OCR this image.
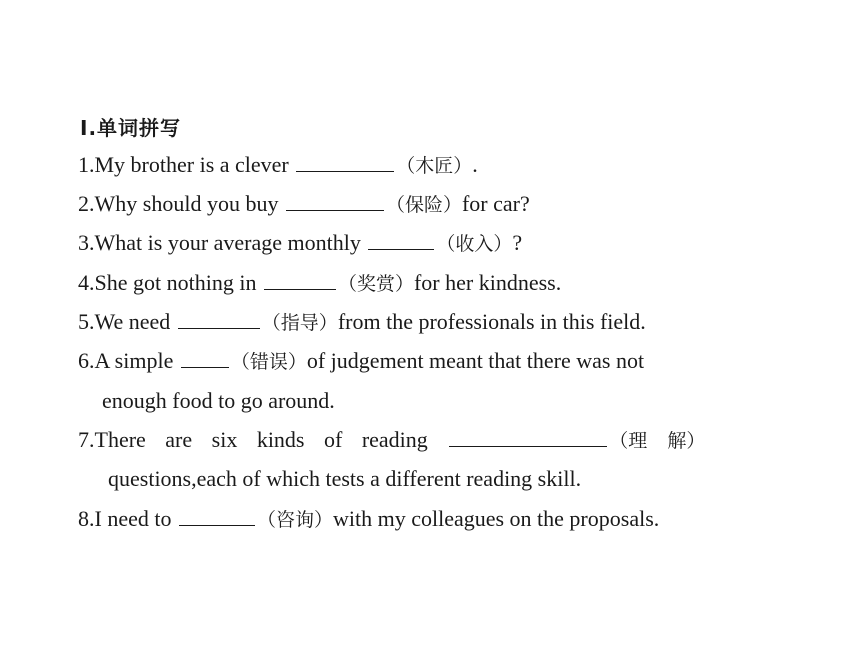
Ⅰ.单词拼写
1.My brother is a clever	（木匠）.
2.Why should you buy	（保险）for car?
3.What is your average monthly	（收入）?
4.She got nothing in	（奖赏）for her kindness.
5.We need	（指导）from the professionals in this field.
6.A simple	（错误）of judgement meant that there was not
enough food to go around.
7.There are six kinds of reading	（理 解）
questions,each of which tests a different reading skill.
8.I need to	（咨询）with my colleagues on the proposals.
